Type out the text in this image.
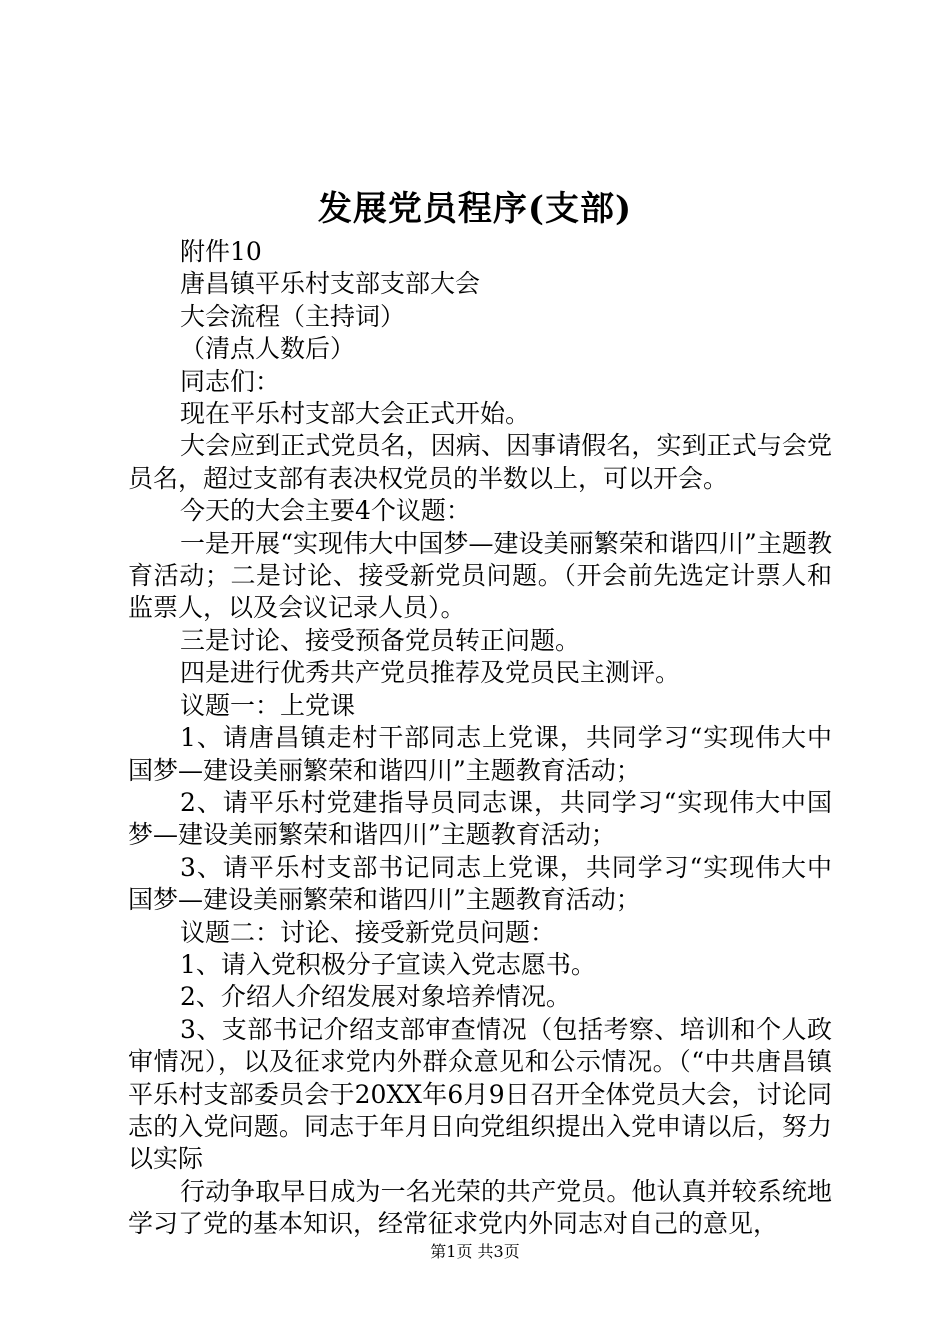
发展党员程序(支部)

附件10

唐昌镇平乐村支部支部大会

大会流程（主持词）

（清点人数后）

同志们：

现在平乐村支部大会正式开始。

大会应到正式党员名，因病、因事请假名，实到正式与会党员名，超过支部有表决权党员的半数以上，可以开会。

今天的大会主要4个议题：

一是开展“实现伟大中国梦—建设美丽繁荣和谐四川”主题教育活动；二是讨论、接受新党员问题。（开会前先选定计票人和监票人，以及会议记录人员）。

三是讨论、接受预备党员转正问题。

四是进行优秀共产党员推荐及党员民主测评。

议题一：上党课

1、请唐昌镇走村干部同志上党课，共同学习“实现伟大中国梦—建设美丽繁荣和谐四川”主题教育活动；

2、请平乐村党建指导员同志课，共同学习“实现伟大中国梦—建设美丽繁荣和谐四川”主题教育活动；

3、请平乐村支部书记同志上党课，共同学习“实现伟大中国梦—建设美丽繁荣和谐四川”主题教育活动；

议题二：讨论、接受新党员问题：

1、请入党积极分子宣读入党志愿书。

2、介绍人介绍发展对象培养情况。

3、支部书记介绍支部审查情况（包括考察、培训和个人政审情况），以及征求党内外群众意见和公示情况。（“中共唐昌镇平乐村支部委员会于20XX年6月9日召开全体党员大会，讨论同志的入党问题。同志于年月日向党组织提出入党申请以后，努力以实际

行动争取早日成为一名光荣的共产党员。他认真并较系统地学习了党的基本知识，经常征求党内外同志对自己的意见，

第1页 共3页
